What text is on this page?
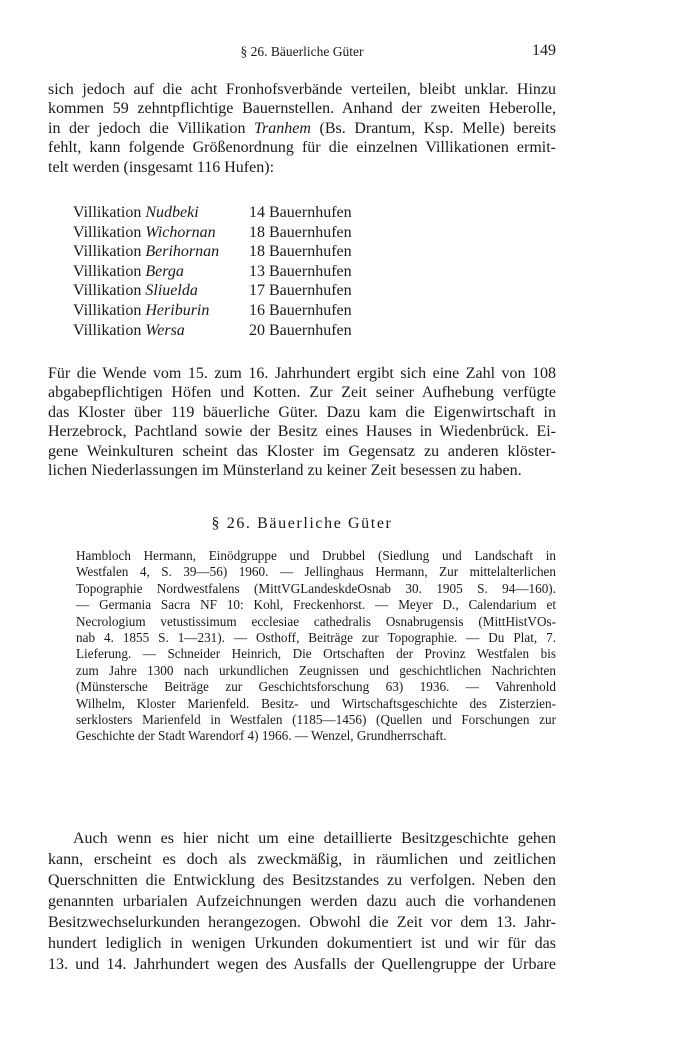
§ 26. Bäuerliche Güter	149
sich jedoch auf die acht Fronhofsverbände verteilen, bleibt unklar. Hinzu
kommen 59 zehntpflichtige Bauernstellen. Anhand der zweiten Heberolle,
in der jedoch die Villikation Tranhem (Bs. Drantum, Ksp. Melle) bereits
fehlt, kann folgende Größenordnung für die einzelnen Villikationen ermit-
telt werden (insgesamt 116 Hufen):
Villikation Nudbeki	14 Bauernhufen
Villikation Wichornan	18 Bauernhufen
Villikation Berihornan	18 Bauernhufen
Villikation Berga	13 Bauernhufen
Villikation Sliuelda	17 Bauernhufen
Villikation Heriburin	16 Bauernhufen
Villikation Wersa	20 Bauernhufen
Für die Wende vom 15. zum 16. Jahrhundert ergibt sich eine Zahl von 108
abgabepflichtigen Höfen und Kotten. Zur Zeit seiner Aufhebung verfügte
das Kloster über 119 bäuerliche Güter. Dazu kam die Eigenwirtschaft in
Herzebrock, Pachtland sowie der Besitz eines Hauses in Wiedenbrück. Ei-
gene Weinkulturen scheint das Kloster im Gegensatz zu anderen klöster-
lichen Niederlassungen im Münsterland zu keiner Zeit besessen zu haben.
§ 26. Bäuerliche Güter
Hambloch Hermann, Einödgruppe und Drubbel (Siedlung und Landschaft in
Westfalen 4, S. 39—56) 1960. — Jellinghaus Hermann, Zur mittelalterlichen
Topographie Nordwestfalens (MittVGLandeskdeOsnab 30. 1905 S. 94—160).
— Germania Sacra NF 10: Kohl, Freckenhorst. — Meyer D., Calendarium et
Necrologium vetustissimum ecclesiae cathedralis Osnabrugensis (MittHistVOs-
nab 4. 1855 S. 1—231). — Osthoff, Beiträge zur Topographie. — Du Plat, 7.
Lieferung. — Schneider Heinrich, Die Ortschaften der Provinz Westfalen bis
zum Jahre 1300 nach urkundlichen Zeugnissen und geschichtlichen Nachrichten
(Münstersche Beiträge zur Geschichtsforschung 63) 1936. — Vahrenhold
Wilhelm, Kloster Marienfeld. Besitz- und Wirtschaftsgeschichte des Zisterzien-
serklosters Marienfeld in Westfalen (1185—1456) (Quellen und Forschungen zur
Geschichte der Stadt Warendorf 4) 1966. — Wenzel, Grundherrschaft.
Auch wenn es hier nicht um eine detaillierte Besitzgeschichte gehen
kann, erscheint es doch als zweckmäßig, in räumlichen und zeitlichen
Querschnitten die Entwicklung des Besitzstandes zu verfolgen. Neben den
genannten urbarialen Aufzeichnungen werden dazu auch die vorhandenen
Besitzwechselurkunden herangezogen. Obwohl die Zeit vor dem 13. Jahr-
hundert lediglich in wenigen Urkunden dokumentiert ist und wir für das
13. und 14. Jahrhundert wegen des Ausfalls der Quellengruppe der Urbare
